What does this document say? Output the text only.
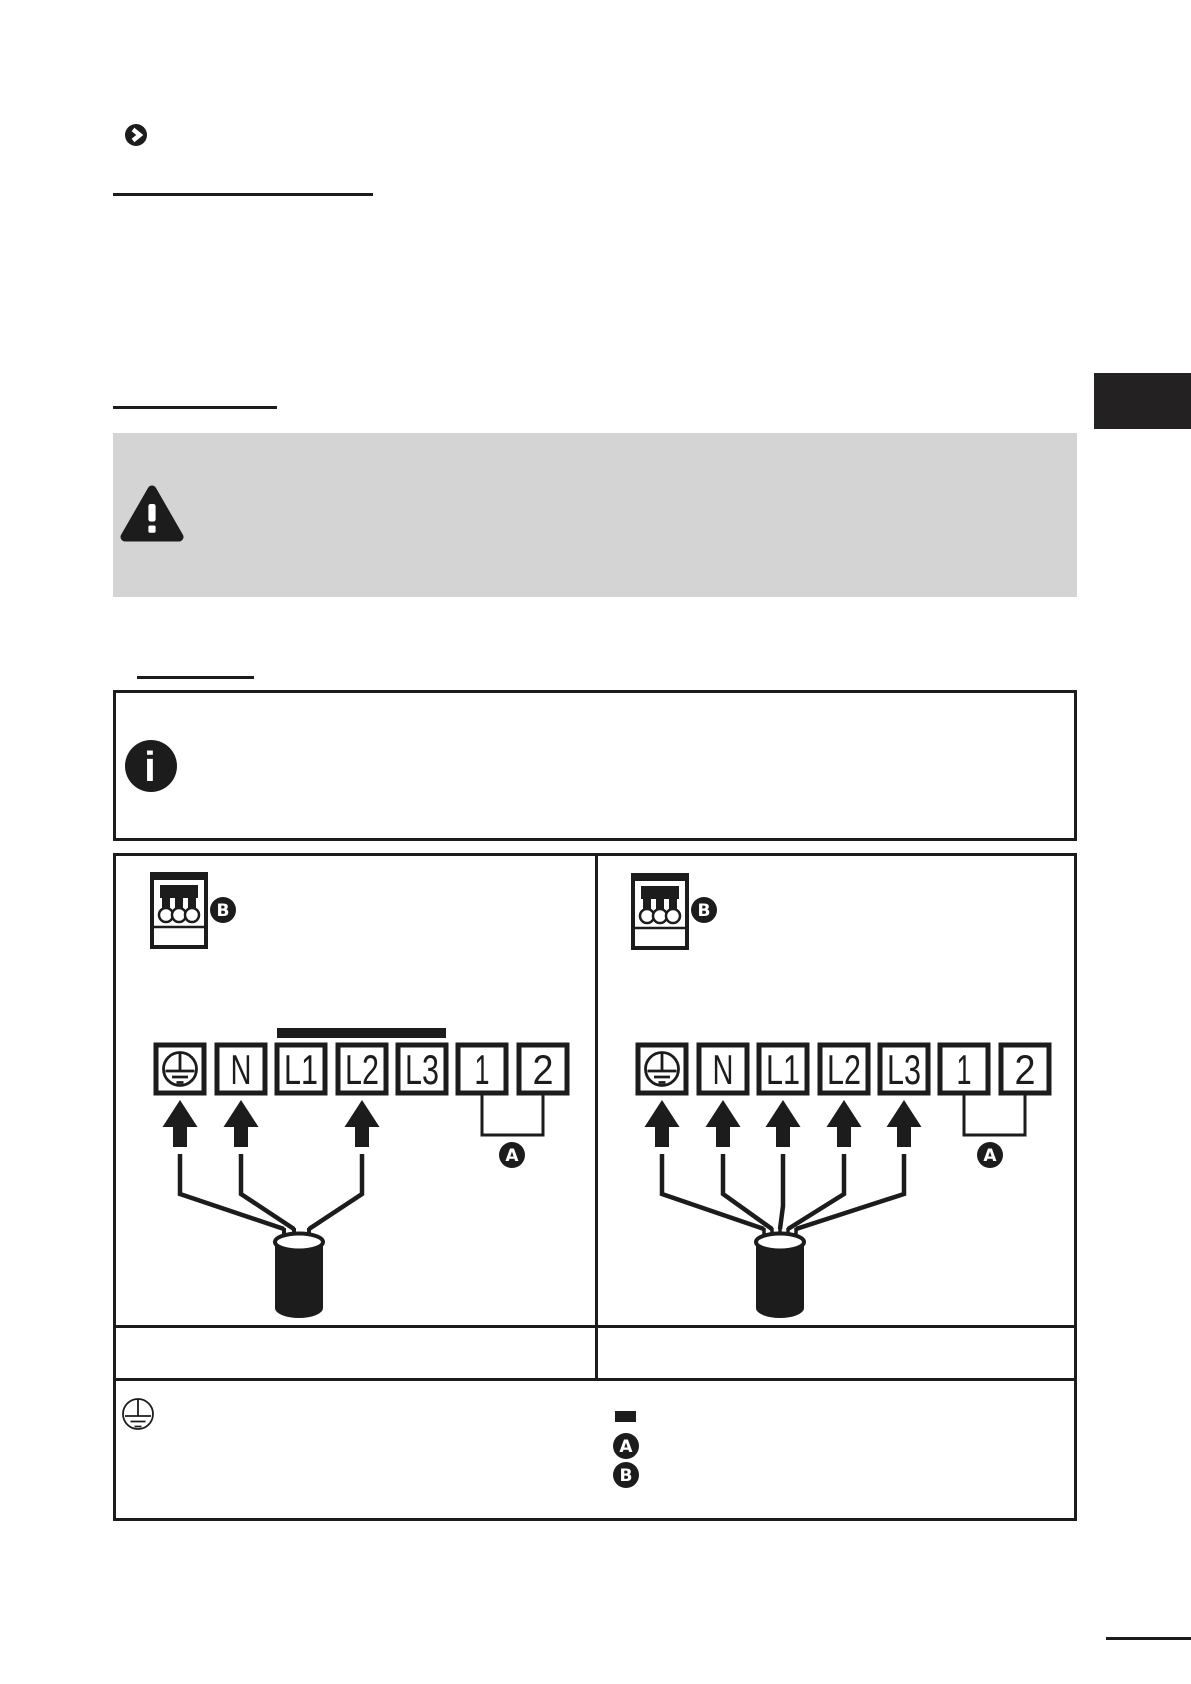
i
B
N L1 L2 L3 1 2
A
B
N L1 L2 L3 1 2
A
A
B
